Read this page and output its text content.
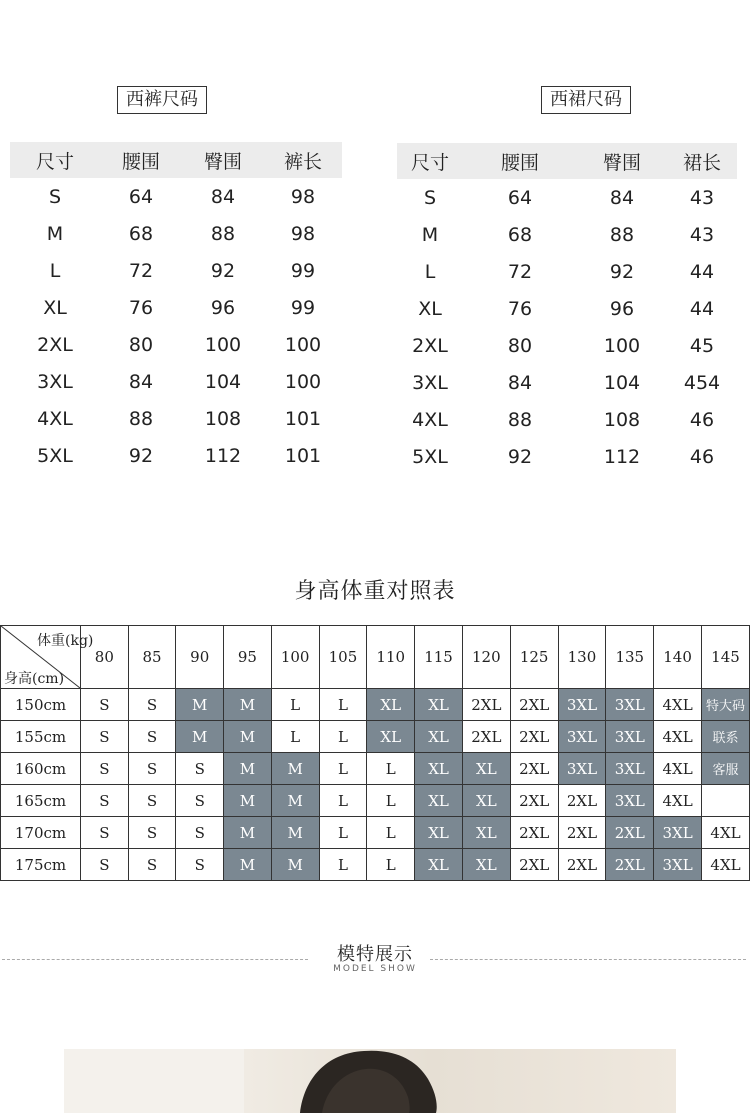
西裤尺码
尺寸	腰围	臀围	裤长
S	64	84	98
M	68	88	98
L	72	92	99
XL	76	96	99
2XL	80	100	100
3XL	84	104	100
4XL	88	108	101
5XL	92	112	101
西裙尺码
尺寸	腰围	臀围	裙长
S	64	84	43
M	68	88	43
L	72	92	44
XL	76	96	44
2XL	80	100	45
3XL	84	104	454
4XL	88	108	46
5XL	92	112	46
身高体重对照表
体重(kg)
身高(cm)	80	85	90	95	100	105	110	115	120	125	130	135	140	145
150cm	S	S	M	M	L	L	XL	XL	2XL	2XL	3XL	3XL	4XL	特大码
155cm	S	S	M	M	L	L	XL	XL	2XL	2XL	3XL	3XL	4XL	联系
160cm	S	S	S	M	M	L	L	XL	XL	2XL	3XL	3XL	4XL	客服
165cm	S	S	S	M	M	L	L	XL	XL	2XL	2XL	3XL	4XL	
170cm	S	S	S	M	M	L	L	XL	XL	2XL	2XL	2XL	3XL	4XL
175cm	S	S	S	M	M	L	L	XL	XL	2XL	2XL	2XL	3XL	4XL
模特展示
MODEL SHOW
